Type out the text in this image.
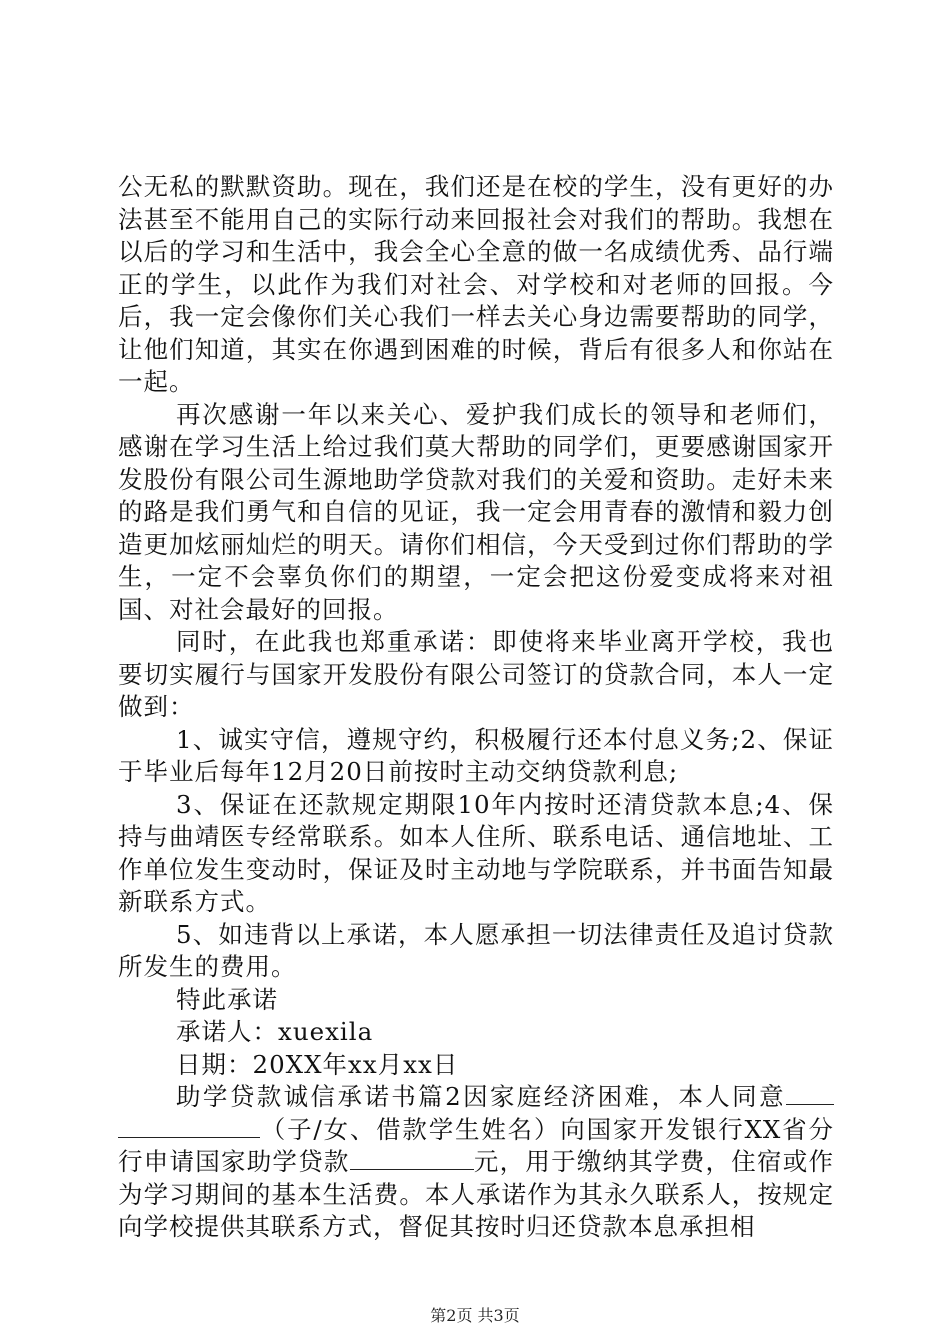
公无私的默默资助。现在，我们还是在校的学生，没有更好的办法甚至不能用自己的实际行动来回报社会对我们的帮助。我想在以后的学习和生活中，我会全心全意的做一名成绩优秀、品行端正的学生，以此作为我们对社会、对学校和对老师的回报。今后，我一定会像你们关心我们一样去关心身边需要帮助的同学，让他们知道，其实在你遇到困难的时候，背后有很多人和你站在一起。

再次感谢一年以来关心、爱护我们成长的领导和老师们，感谢在学习生活上给过我们莫大帮助的同学们，更要感谢国家开发股份有限公司生源地助学贷款对我们的关爱和资助。走好未来的路是我们勇气和自信的见证，我一定会用青春的激情和毅力创造更加炫丽灿烂的明天。请你们相信，今天受到过你们帮助的学生，一定不会辜负你们的期望，一定会把这份爱变成将来对祖国、对社会最好的回报。

同时，在此我也郑重承诺：即使将来毕业离开学校，我也要切实履行与国家开发股份有限公司签订的贷款合同，本人一定做到：

1、诚实守信，遵规守约，积极履行还本付息义务;2、保证于毕业后每年12月20日前按时主动交纳贷款利息;

3、保证在还款规定期限10年内按时还清贷款本息;4、保持与曲靖医专经常联系。如本人住所、联系电话、通信地址、工作单位发生变动时，保证及时主动地与学院联系，并书面告知最新联系方式。

5、如违背以上承诺，本人愿承担一切法律责任及追讨贷款所发生的费用。

特此承诺

承诺人：xuexila

日期：20XX年xx月xx日

助学贷款诚信承诺书篇2因家庭经济困难，本人同意（子/女、借款学生姓名）向国家开发银行XX省分行申请国家助学贷款	元，用于缴纳其学费，住宿或作为学习期间的基本生活费。本人承诺作为其永久联系人，按规定向学校提供其联系方式，督促其按时归还贷款本息承担相

第2页 共3页
